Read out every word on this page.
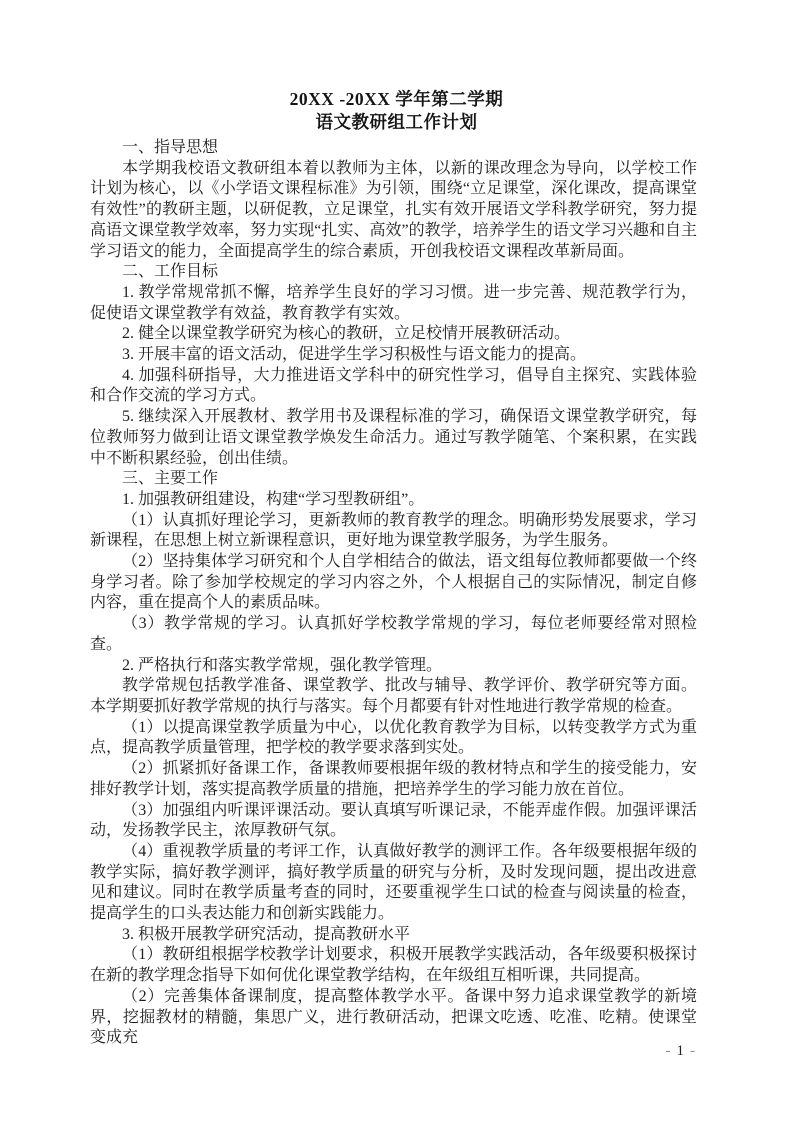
20XX -20XX 学年第二学期
语文教研组工作计划

一、指导思想

本学期我校语文教研组本着以教师为主体，以新的课改理念为导向，以学校工作计划为核心，以《小学语文课程标准》为引领，围绕“立足课堂，深化课改，提高课堂有效性”的教研主题，以研促教，立足课堂，扎实有效开展语文学科教学研究，努力提高语文课堂教学效率，努力实现“扎实、高效”的教学，培养学生的语文学习兴趣和自主学习语文的能力，全面提高学生的综合素质，开创我校语文课程改革新局面。

二、工作目标

1. 教学常规常抓不懈，培养学生良好的学习习惯。进一步完善、规范教学行为，促使语文课堂教学有效益，教育教学有实效。

2. 健全以课堂教学研究为核心的教研，立足校情开展教研活动。

3. 开展丰富的语文活动，促进学生学习积极性与语文能力的提高。

4. 加强科研指导，大力推进语文学科中的研究性学习，倡导自主探究、实践体验和合作交流的学习方式。

5. 继续深入开展教材、教学用书及课程标准的学习，确保语文课堂教学研究，每位教师努力做到让语文课堂教学焕发生命活力。通过写教学随笔、个案积累，在实践中不断积累经验，创出佳绩。

三、主要工作

1. 加强教研组建设，构建“学习型教研组”。

（1）认真抓好理论学习，更新教师的教育教学的理念。明确形势发展要求，学习新课程，在思想上树立新课程意识，更好地为课堂教学服务，为学生服务。

（2）坚持集体学习研究和个人自学相结合的做法，语文组每位教师都要做一个终身学习者。除了参加学校规定的学习内容之外，个人根据自己的实际情况，制定自修内容，重在提高个人的素质品味。

（3）教学常规的学习。认真抓好学校教学常规的学习，每位老师要经常对照检查。

2. 严格执行和落实教学常规，强化教学管理。

教学常规包括教学准备、课堂教学、批改与辅导、教学评价、教学研究等方面。本学期要抓好教学常规的执行与落实。每个月都要有针对性地进行教学常规的检查。

（1）以提高课堂教学质量为中心，以优化教育教学为目标，以转变教学方式为重点，提高教学质量管理，把学校的教学要求落到实处。

（2）抓紧抓好备课工作，备课教师要根据年级的教材特点和学生的接受能力，安排好教学计划，落实提高教学质量的措施，把培养学生的学习能力放在首位。

（3）加强组内听课评课活动。要认真填写听课记录，不能弄虚作假。加强评课活动，发扬教学民主，浓厚教研气氛。

（4）重视教学质量的考评工作，认真做好教学的测评工作。各年级要根据年级的教学实际，搞好教学测评，搞好教学质量的研究与分析，及时发现问题，提出改进意见和建议。同时在教学质量考查的同时，还要重视学生口试的检查与阅读量的检查，提高学生的口头表达能力和创新实践能力。

3. 积极开展教学研究活动，提高教研水平

（1）教研组根据学校教学计划要求，积极开展教学实践活动，各年级要积极探讨在新的教学理念指导下如何优化课堂教学结构，在年级组互相听课，共同提高。

（2）完善集体备课制度，提高整体教学水平。备课中努力追求课堂教学的新境界，挖掘教材的精髓，集思广义，进行教研活动，把课文吃透、吃准、吃精。使课堂变成充

- 1 -
